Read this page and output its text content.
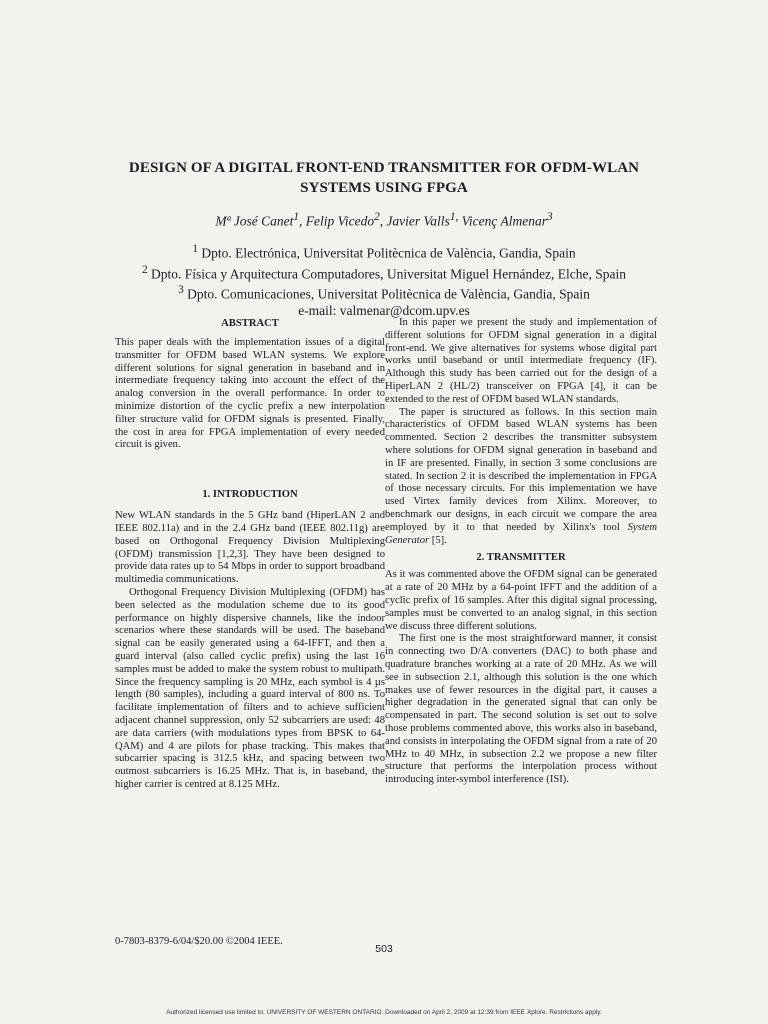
DESIGN OF A DIGITAL FRONT-END TRANSMITTER FOR OFDM-WLAN
SYSTEMS USING FPGA
Mª José Canet$^1$, Felip Vicedo$^2$, Javier Valls$^{1,}$ Vicenç Almenar$^3$
$^1$ Dpto. Electrónica, Universitat Politècnica de València, Gandia, Spain
$^2$ Dpto. Física y Arquitectura Computadores, Universitat Miguel Hernández, Elche, Spain
$^3$ Dpto. Comunicaciones, Universitat Politècnica de València, Gandia, Spain
e-mail: valmenar@dcom.upv.es
ABSTRACT

This paper deals with the implementation issues of a digital transmitter for OFDM based WLAN systems. We explore different solutions for signal generation in baseband and in intermediate frequency taking into account the effect of the analog conversion in the overall performance. In order to minimize distortion of the cyclic prefix a new interpolation filter structure valid for OFDM signals is presented. Finally, the cost in area for FPGA implementation of every needed circuit is given.

1. INTRODUCTION

New WLAN standards in the 5 GHz band (HiperLAN 2 and IEEE 802.11a) and in the 2.4 GHz band (IEEE 802.11g) are based on Orthogonal Frequency Division Multiplexing (OFDM) transmission [1,2,3]. They have been designed to provide data rates up to 54 Mbps in order to support broadband multimedia communications.

Orthogonal Frequency Division Multiplexing (OFDM) has been selected as the modulation scheme due to its good performance on highly dispersive channels, like the indoor scenarios where these standards will be used. The baseband signal can be easily generated using a 64-IFFT, and then a guard interval (also called cyclic prefix) using the last 16 samples must be added to make the system robust to multipath. Since the frequency sampling is 20 MHz, each symbol is 4 µs length (80 samples), including a guard interval of 800 ns. To facilitate implementation of filters and to achieve sufficient adjacent channel suppression, only 52 subcarriers are used: 48 are data carriers (with modulations types from BPSK to 64-QAM) and 4 are pilots for phase tracking. This makes that subcarrier spacing is 312.5 kHz, and spacing between two outmost subcarriers is 16.25 MHz. That is, in baseband, the higher carrier is centred at 8.125 MHz.

In this paper we present the study and implementation of different solutions for OFDM signal generation in a digital front-end. We give alternatives for systems whose digital part works until baseband or until intermediate frequency (IF). Although this study has been carried out for the design of a HiperLAN 2 (HL/2) transceiver on FPGA [4], it can be extended to the rest of OFDM based WLAN standards.

The paper is structured as follows. In this section main characteristics of OFDM based WLAN systems has been commented. Section 2 describes the transmitter subsystem where solutions for OFDM signal generation in baseband and in IF are presented. Finally, in section 3 some conclusions are stated. In section 2 it is described the implementation in FPGA of those necessary circuits. For this implementation we have used Virtex family devices from Xilinx. Moreover, to benchmark our designs, in each circuit we compare the area employed by it to that needed by Xilinx's tool System Generator [5].

2. TRANSMITTER

As it was commented above the OFDM signal can be generated at a rate of 20 MHz by a 64-point IFFT and the addition of a cyclic prefix of 16 samples. After this digital signal processing, samples must be converted to an analog signal, in this section we discuss three different solutions.

The first one is the most straightforward manner, it consist in connecting two D/A converters (DAC) to both phase and quadrature branches working at a rate of 20 MHz. As we will see in subsection 2.1, although this solution is the one which makes use of fewer resources in the digital part, it causes a higher degradation in the generated signal that can only be compensated in part. The second solution is set out to solve those problems commented above, this works also in baseband, and consists in interpolating the OFDM signal from a rate of 20 MHz to 40 MHz, in subsection 2.2 we propose a new filter structure that performs the interpolation process without introducing inter-symbol interference (ISI).

0-7803-8379-6/04/$20.00 ©2004 IEEE.
503
Authorized licensed use limited to: UNIVERSITY OF WESTERN ONTARIO. Downloaded on April 2, 2009 at 12:39 from IEEE Xplore. Restrictions apply.
